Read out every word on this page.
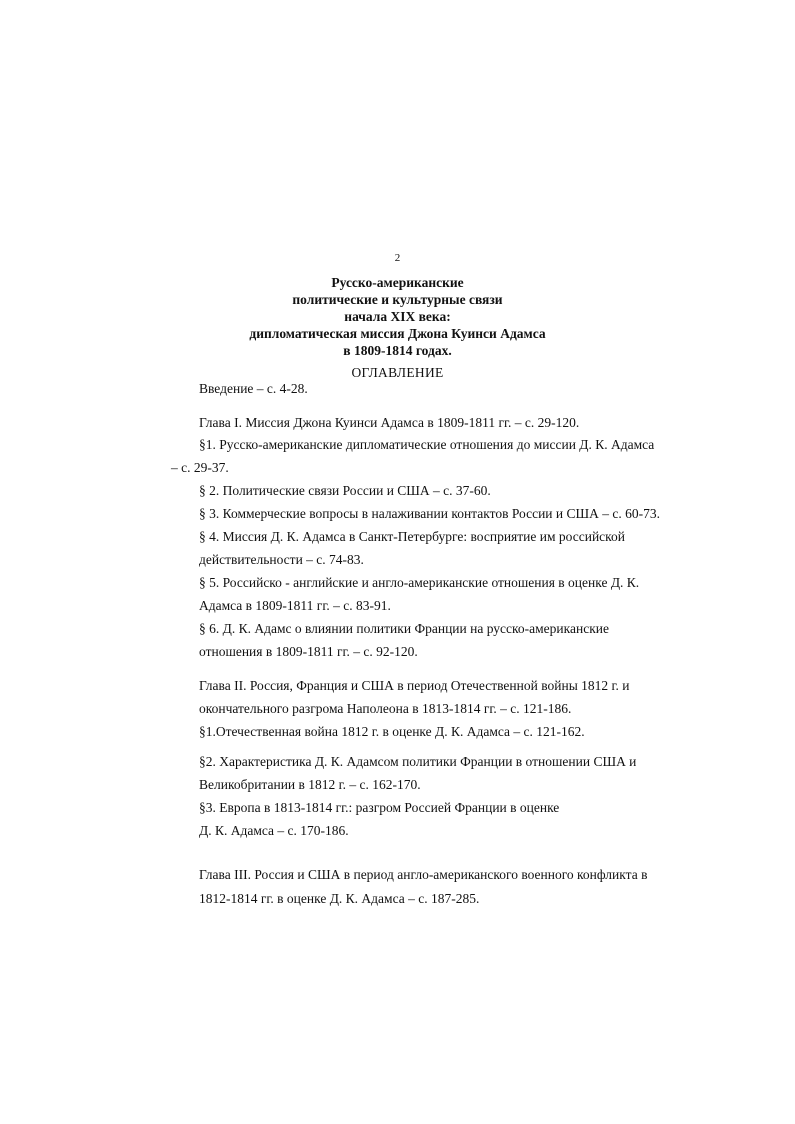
2
Русско-американские
политические и культурные связи
начала XIX века:
дипломатическая миссия Джона Куинси Адамса
в 1809-1814 годах.
ОГЛАВЛЕНИЕ
Введение – с. 4-28.
Глава I. Миссия Джона Куинси Адамса в 1809-1811 гг. – с. 29-120.
§1. Русско-американские дипломатические отношения до миссии Д. К. Адамса
– с. 29-37.
§ 2. Политические связи России и США – с. 37-60.
§ 3. Коммерческие вопросы в налаживании контактов России и США – с. 60-73.
§ 4. Миссия Д. К. Адамса в Санкт-Петербурге: восприятие им российской
действительности – с. 74-83.
§ 5. Российско - английские и англо-американские отношения в оценке Д. К.
Адамса в 1809-1811 гг. – с. 83-91.
§ 6. Д. К. Адамс о влиянии политики Франции на русско-американские
отношения в 1809-1811 гг. – с. 92-120.
Глава II. Россия, Франция и США в период Отечественной войны 1812 г. и
окончательного разгрома Наполеона в 1813-1814 гг. – с. 121-186.
§1.Отечественная война 1812 г. в оценке Д. К. Адамса – с. 121-162.
§2. Характеристика Д. К. Адамсом политики Франции в отношении США и
Великобритании в 1812 г. – с. 162-170.
§3. Европа в 1813-1814 гг.: разгром Россией Франции в оценке
Д. К. Адамса – с. 170-186.
Глава III. Россия и США в период англо-американского военного конфликта в
1812-1814 гг. в оценке Д. К. Адамса – с. 187-285.
